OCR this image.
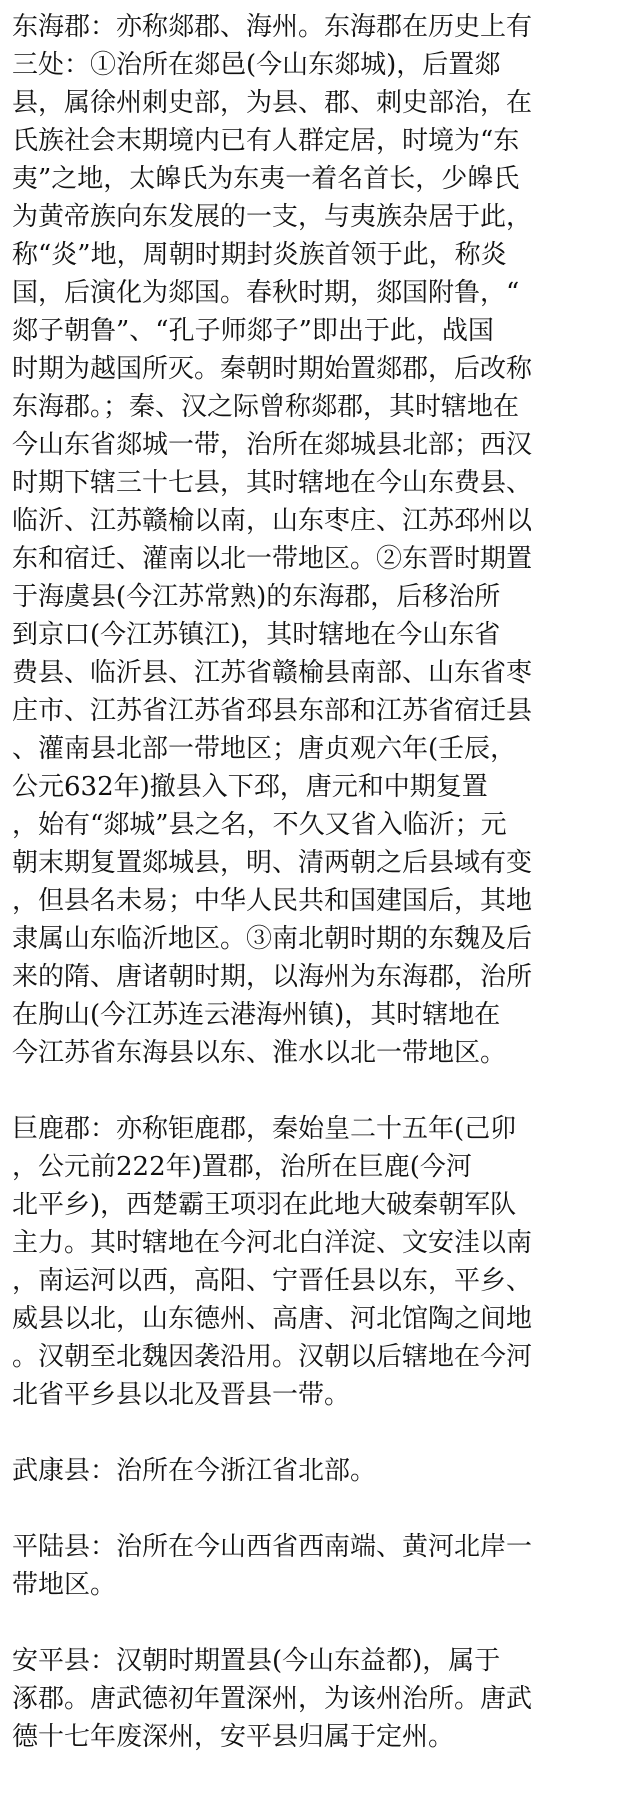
东海郡：亦称郯郡、海州。东海郡在历史上有
三处：①治所在郯邑(今山东郯城)，后置郯
县，属徐州刺史部，为县、郡、刺史部治，在
氏族社会末期境内已有人群定居，时境为“东
夷”之地，太皞氏为东夷一着名首长，少皞氏
为黄帝族向东发展的一支，与夷族杂居于此，
称“炎”地，周朝时期封炎族首领于此，称炎
国，后演化为郯国。春秋时期，郯国附鲁，“
郯子朝鲁”、“孔子师郯子”即出于此，战国
时期为越国所灭。秦朝时期始置郯郡，后改称
东海郡。；秦、汉之际曾称郯郡，其时辖地在
今山东省郯城一带，治所在郯城县北部；西汉
时期下辖三十七县，其时辖地在今山东费县、
临沂、江苏赣榆以南，山东枣庄、江苏邳州以
东和宿迁、灌南以北一带地区。②东晋时期置
于海虞县(今江苏常熟)的东海郡，后移治所
到京口(今江苏镇江)，其时辖地在今山东省
费县、临沂县、江苏省赣榆县南部、山东省枣
庄市、江苏省江苏省邳县东部和江苏省宿迁县
、灌南县北部一带地区；唐贞观六年(壬辰，
公元632年)撤县入下邳，唐元和中期复置
，始有“郯城”县之名，不久又省入临沂；元
朝末期复置郯城县，明、清两朝之后县域有变
，但县名未易；中华人民共和国建国后，其地
隶属山东临沂地区。③南北朝时期的东魏及后
来的隋、唐诸朝时期，以海州为东海郡，治所
在朐山(今江苏连云港海州镇)，其时辖地在
今江苏省东海县以东、淮水以北一带地区。
巨鹿郡：亦称钜鹿郡，秦始皇二十五年(己卯
，公元前222年)置郡，治所在巨鹿(今河
北平乡)，西楚霸王项羽在此地大破秦朝军队
主力。其时辖地在今河北白洋淀、文安洼以南
，南运河以西，高阳、宁晋任县以东，平乡、
威县以北，山东德州、高唐、河北馆陶之间地
。汉朝至北魏因袭沿用。汉朝以后辖地在今河
北省平乡县以北及晋县一带。
武康县：治所在今浙江省北部。
平陆县：治所在今山西省西南端、黄河北岸一
带地区。
安平县：汉朝时期置县(今山东益都)，属于
涿郡。唐武德初年置深州，为该州治所。唐武
德十七年废深州，安平县归属于定州。
